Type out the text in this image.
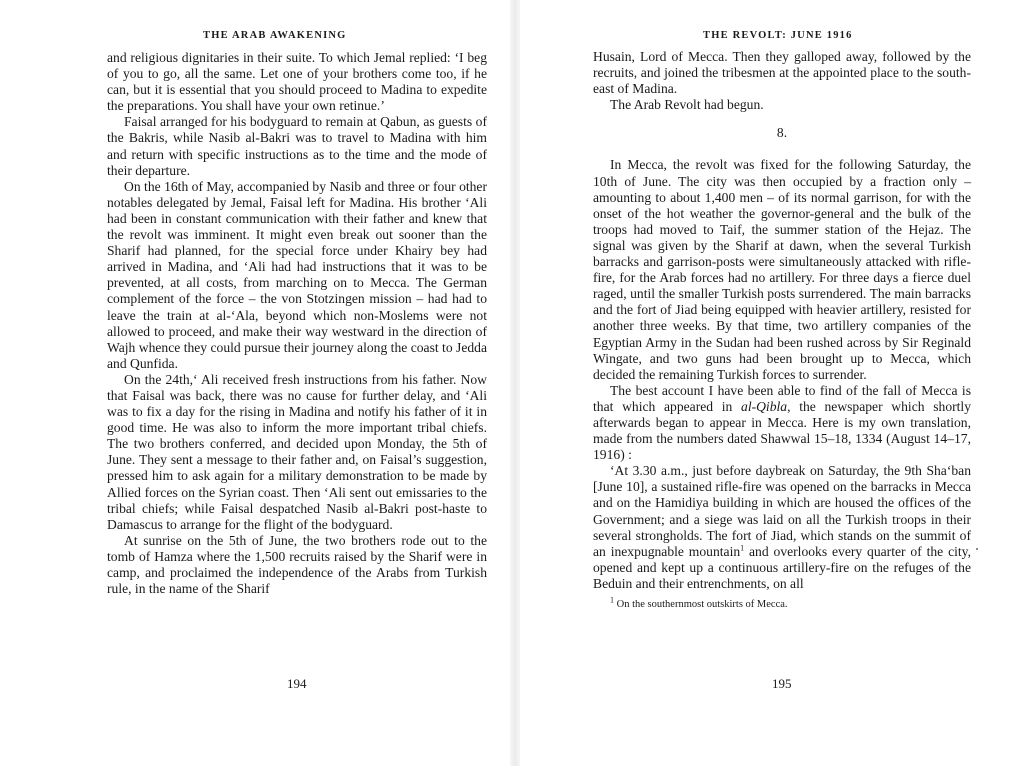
THE ARAB AWAKENING

and religious dignitaries in their suite. To which Jemal replied: ‘I beg of you to go, all the same. Let one of your brothers come too, if he can, but it is essential that you should proceed to Madina to expedite the preparations. You shall have your own retinue.’

Faisal arranged for his bodyguard to remain at Qabun, as guests of the Bakris, while Nasib al-Bakri was to travel to Madina with him and return with specific instructions as to the time and the mode of their departure.

On the 16th of May, accompanied by Nasib and three or four other notables delegated by Jemal, Faisal left for Madina. His brother ‘Ali had been in constant communication with their father and knew that the revolt was imminent. It might even break out sooner than the Sharif had planned, for the special force under Khairy bey had arrived in Madina, and ‘Ali had had instructions that it was to be prevented, at all costs, from marching on to Mecca. The German complement of the force – the von Stotzingen mission – had had to leave the train at al-‘Ala, beyond which non-Moslems were not allowed to proceed, and make their way westward in the direction of Wajh whence they could pursue their journey along the coast to Jedda and Qunfida.

On the 24th,‘ Ali received fresh instructions from his father. Now that Faisal was back, there was no cause for further delay, and ‘Ali was to fix a day for the rising in Madina and notify his father of it in good time. He was also to inform the more important tribal chiefs. The two brothers conferred, and decided upon Monday, the 5th of June. They sent a message to their father and, on Faisal’s suggestion, pressed him to ask again for a military demonstration to be made by Allied forces on the Syrian coast. Then ‘Ali sent out emissaries to the tribal chiefs; while Faisal despatched Nasib al-Bakri post-haste to Damascus to arrange for the flight of the bodyguard.

At sunrise on the 5th of June, the two brothers rode out to the tomb of Hamza where the 1,500 recruits raised by the Sharif were in camp, and proclaimed the independence of the Arabs from Turkish rule, in the name of the Sharif

194
THE REVOLT: JUNE 1916

Husain, Lord of Mecca. Then they galloped away, followed by the recruits, and joined the tribesmen at the appointed place to the south-east of Madina.

The Arab Revolt had begun.

8.

In Mecca, the revolt was fixed for the following Saturday, the 10th of June. The city was then occupied by a fraction only – amounting to about 1,400 men – of its normal garrison, for with the onset of the hot weather the governor-general and the bulk of the troops had moved to Taif, the summer station of the Hejaz. The signal was given by the Sharif at dawn, when the several Turkish barracks and garrison-posts were simultaneously attacked with rifle-fire, for the Arab forces had no artillery. For three days a fierce duel raged, until the smaller Turkish posts surrendered. The main barracks and the fort of Jiad being equipped with heavier artillery, resisted for another three weeks. By that time, two artillery companies of the Egyptian Army in the Sudan had been rushed across by Sir Reginald Wingate, and two guns had been brought up to Mecca, which decided the remaining Turkish forces to surrender.

The best account I have been able to find of the fall of Mecca is that which appeared in al-Qibla, the newspaper which shortly afterwards began to appear in Mecca. Here is my own translation, made from the numbers dated Shawwal 15–18, 1334 (August 14–17, 1916) :

‘At 3.30 a.m., just before daybreak on Saturday, the 9th Sha‘ban [June 10], a sustained rifle-fire was opened on the barracks in Mecca and on the Hamidiya building in which are housed the offices of the Government; and a siege was laid on all the Turkish troops in their several strongholds. The fort of Jiad, which stands on the summit of an inexpugnable mountain$^1$ and overlooks every quarter of the city, opened and kept up a continuous artillery-fire on the refuges of the Beduin and their entrenchments, on all

$^1$ On the southernmost outskirts of Mecca.

195
